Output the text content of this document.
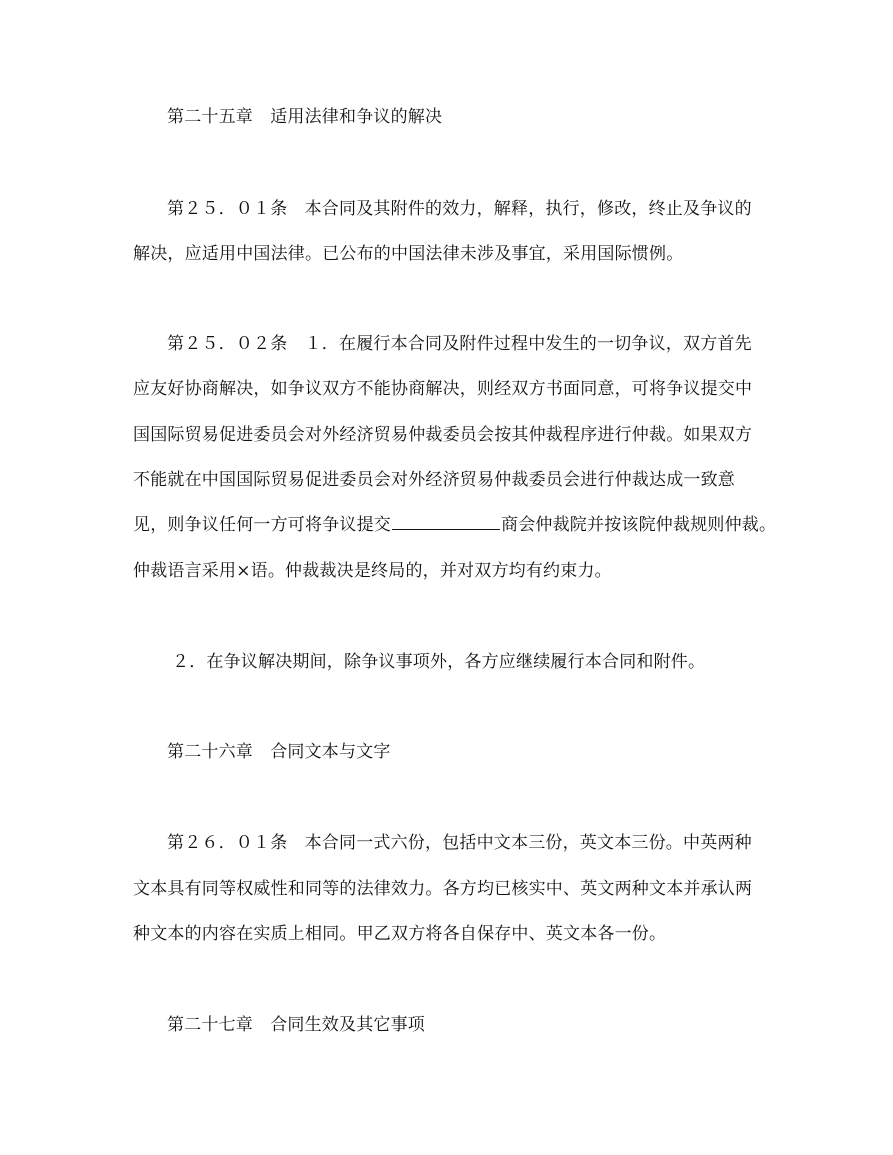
第二十五章　适用法律和争议的解决
第２５．０１条　本合同及其附件的效力，解释，执行，修改，终止及争议的
解决，应适用中国法律。已公布的中国法律未涉及事宜，采用国际惯例。
第２５．０２条　１．在履行本合同及附件过程中发生的一切争议，双方首先
应友好协商解决，如争议双方不能协商解决，则经双方书面同意，可将争议提交中
国国际贸易促进委员会对外经济贸易仲裁委员会按其仲裁程序进行仲裁。如果双方
不能就在中国国际贸易促进委员会对外经济贸易仲裁委员会进行仲裁达成一致意
见，则争议任何一方可将争议提交	商会仲裁院并按该院仲裁规则仲裁。
仲裁语言采用×语。仲裁裁决是终局的，并对双方均有约束力。
２．在争议解决期间，除争议事项外，各方应继续履行本合同和附件。
第二十六章　合同文本与文字
第２６．０１条　本合同一式六份，包括中文本三份，英文本三份。中英两种
文本具有同等权威性和同等的法律效力。各方均已核实中、英文两种文本并承认两
种文本的内容在实质上相同。甲乙双方将各自保存中、英文本各一份。
第二十七章　合同生效及其它事项
